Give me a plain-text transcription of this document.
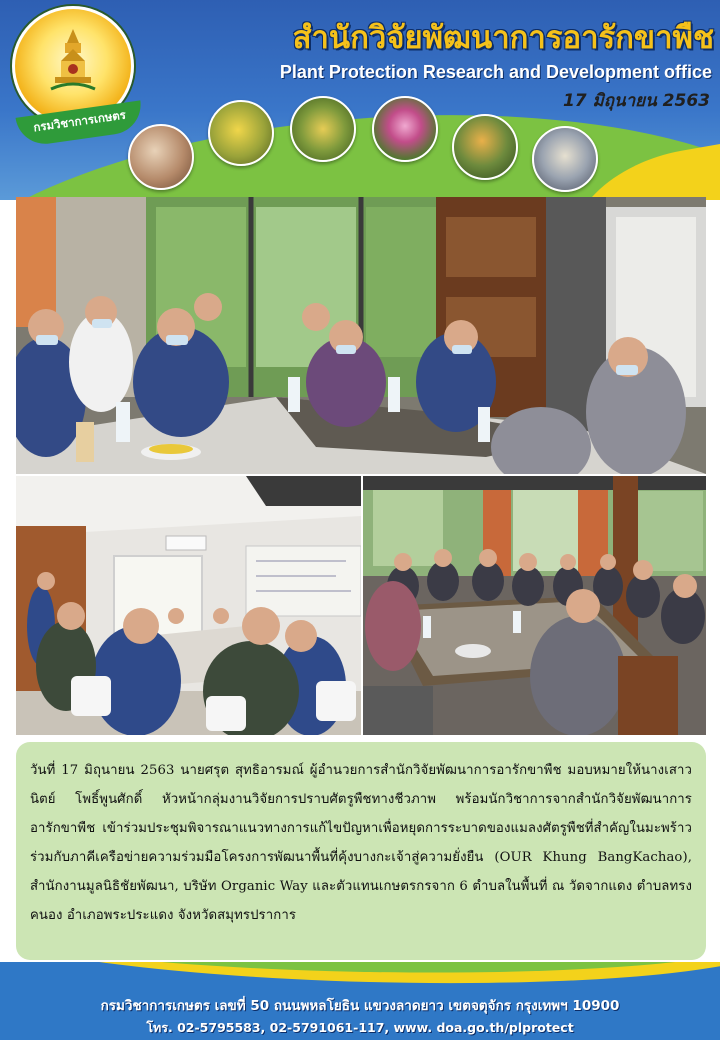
กรมวิชาการเกษตร
สำนักวิจัยพัฒนาการอารักขาพืช
Plant Protection Research and Development office
17 มิถุนายน 2563

วันที่ 17 มิถุนายน 2563 นายศรุต สุทธิอารมณ์ ผู้อำนวยการสำนักวิจัยพัฒนาการอารักขาพืช มอบหมายให้นางเสาวนิตย์ โพธิ์พูนศักดิ์ หัวหน้ากลุ่มงานวิจัยการปราบศัตรูพืชทางชีวภาพ พร้อมนักวิชาการจากสำนักวิจัยพัฒนาการอารักขาพืช เข้าร่วมประชุมพิจารณาแนวทางการแก้ไขปัญหาเพื่อหยุดการระบาดของแมลงศัตรูพืชที่สำคัญในมะพร้าวร่วมกับภาคีเครือข่ายความร่วมมือโครงการพัฒนาพื้นที่คุ้งบางกะเจ้าสู่ความยั่งยืน (OUR Khung BangKachao), สำนักงานมูลนิธิชัยพัฒนา, บริษัท Organic Way และตัวแทนเกษตรกรจาก 6 ตำบลในพื้นที่ ณ วัดจากแดง ตำบลทรงคนอง อำเภอพระประแดง จังหวัดสมุทรปราการ

กรมวิชาการเกษตร เลขที่ 50 ถนนพหลโยธิน แขวงลาดยาว เขตจตุจักร กรุงเทพฯ 10900
โทร. 02-5795583, 02-5791061-117, www. doa.go.th/plprotect
